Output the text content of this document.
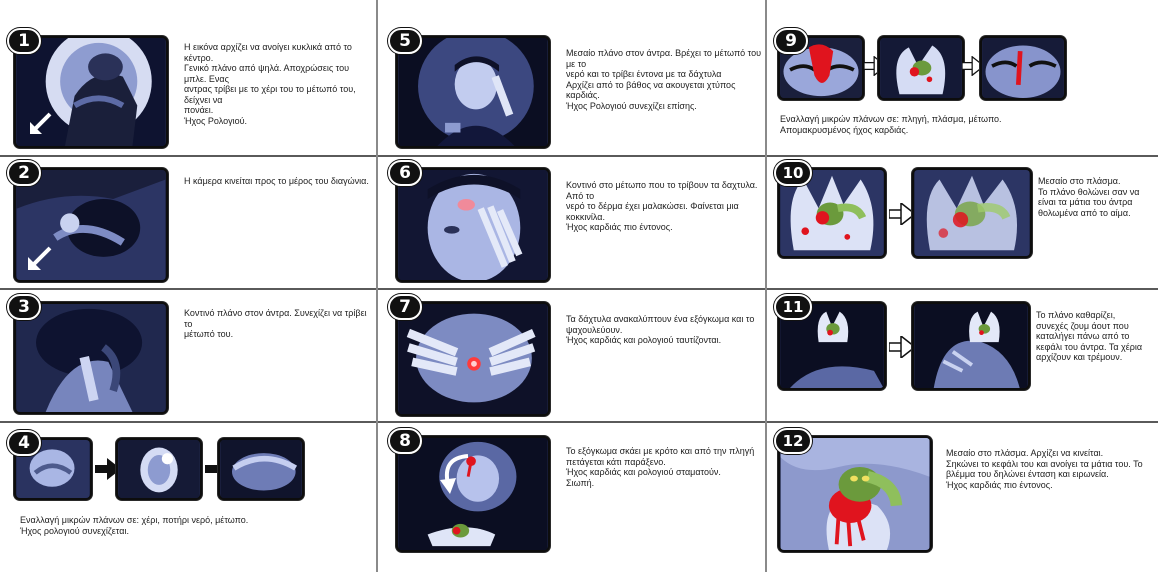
1	Η εικόνα αρχίζει να ανοίγει κυκλικά από το κέντρο.
Γενικό πλάνο από ψηλά. Αποχρώσεις του μπλε. Ενας
αντρας τρίβει με το χέρι του το μέτωπό του, δείχνει να
πονάει.
Ήχος Ρολογιού.
2	Η κάμερα κινείται προς το μέρος του διαγώνια.
3	Κοντινό πλάνο στον άντρα. Συνεχίζει να τρίβει το
μέτωπό του.
4
Εναλλαγή μικρών πλάνων σε: χέρι, ποτήρι νερό, μέτωπο.
Ήχος ρολογιού συνεχίζεται.
5
Μεσαίο πλάνο στον άντρα. Βρέχει το μέτωπό του με το
νερό και το τρίβει έντονα με τα δάχτυλα
Αρχίζει από το βάθος να ακουγεται χτύπος καρδιάς.
Ήχος Ρολογιού συνεχίζει επίσης.
6
Κοντινό στο μέτωπο που το τρίβουν τα δαχτυλα. Από το
νερό το δέρμα έχει μαλακώσει. Φαίνεται μια κοκκινίλα.
Ήχος καρδιάς πιο έντονος.
7
Τα δάχτυλα ανακαλύπτουν ένα εξόγκωμα και το
ψαχουλεύουν.
Ήχος καρδιάς και ρολογιού ταυτίζονται.
8	Το εξόγκωμα σκάει με κρότο και από την πληγή
πετάγεται κάτι παράξενο.
Ήχος καρδιάς και ρολογιού σταματούν.
Σιωπή.
9
Εναλλαγή μικρών πλάνων σε: πληγή, πλάσμα, μέτωπο.
Απομακρυσμένος ήχος καρδιάς.
10	Μεσαίο στο πλάσμα.
Το πλάνο θολώνει σαν να
είναι τα μάτια του άντρα
θολωμένα από το αίμα.
11	Το πλάνο καθαρίζει,
συνεχές ζουμ άουτ που
καταλήγει πάνω από το
κεφάλι του άντρα. Τα χέρια
αρχίζουν και τρέμουν.
12
Μεσαίο στο πλάσμα. Αρχίζει να κινείται.
Σηκώνει το κεφάλι του και ανοίγει τα μάτια του. Το
βλέμμα του δηλώνει ένταση και ειρωνεία.
Ήχος καρδιάς πιο έντονος.
